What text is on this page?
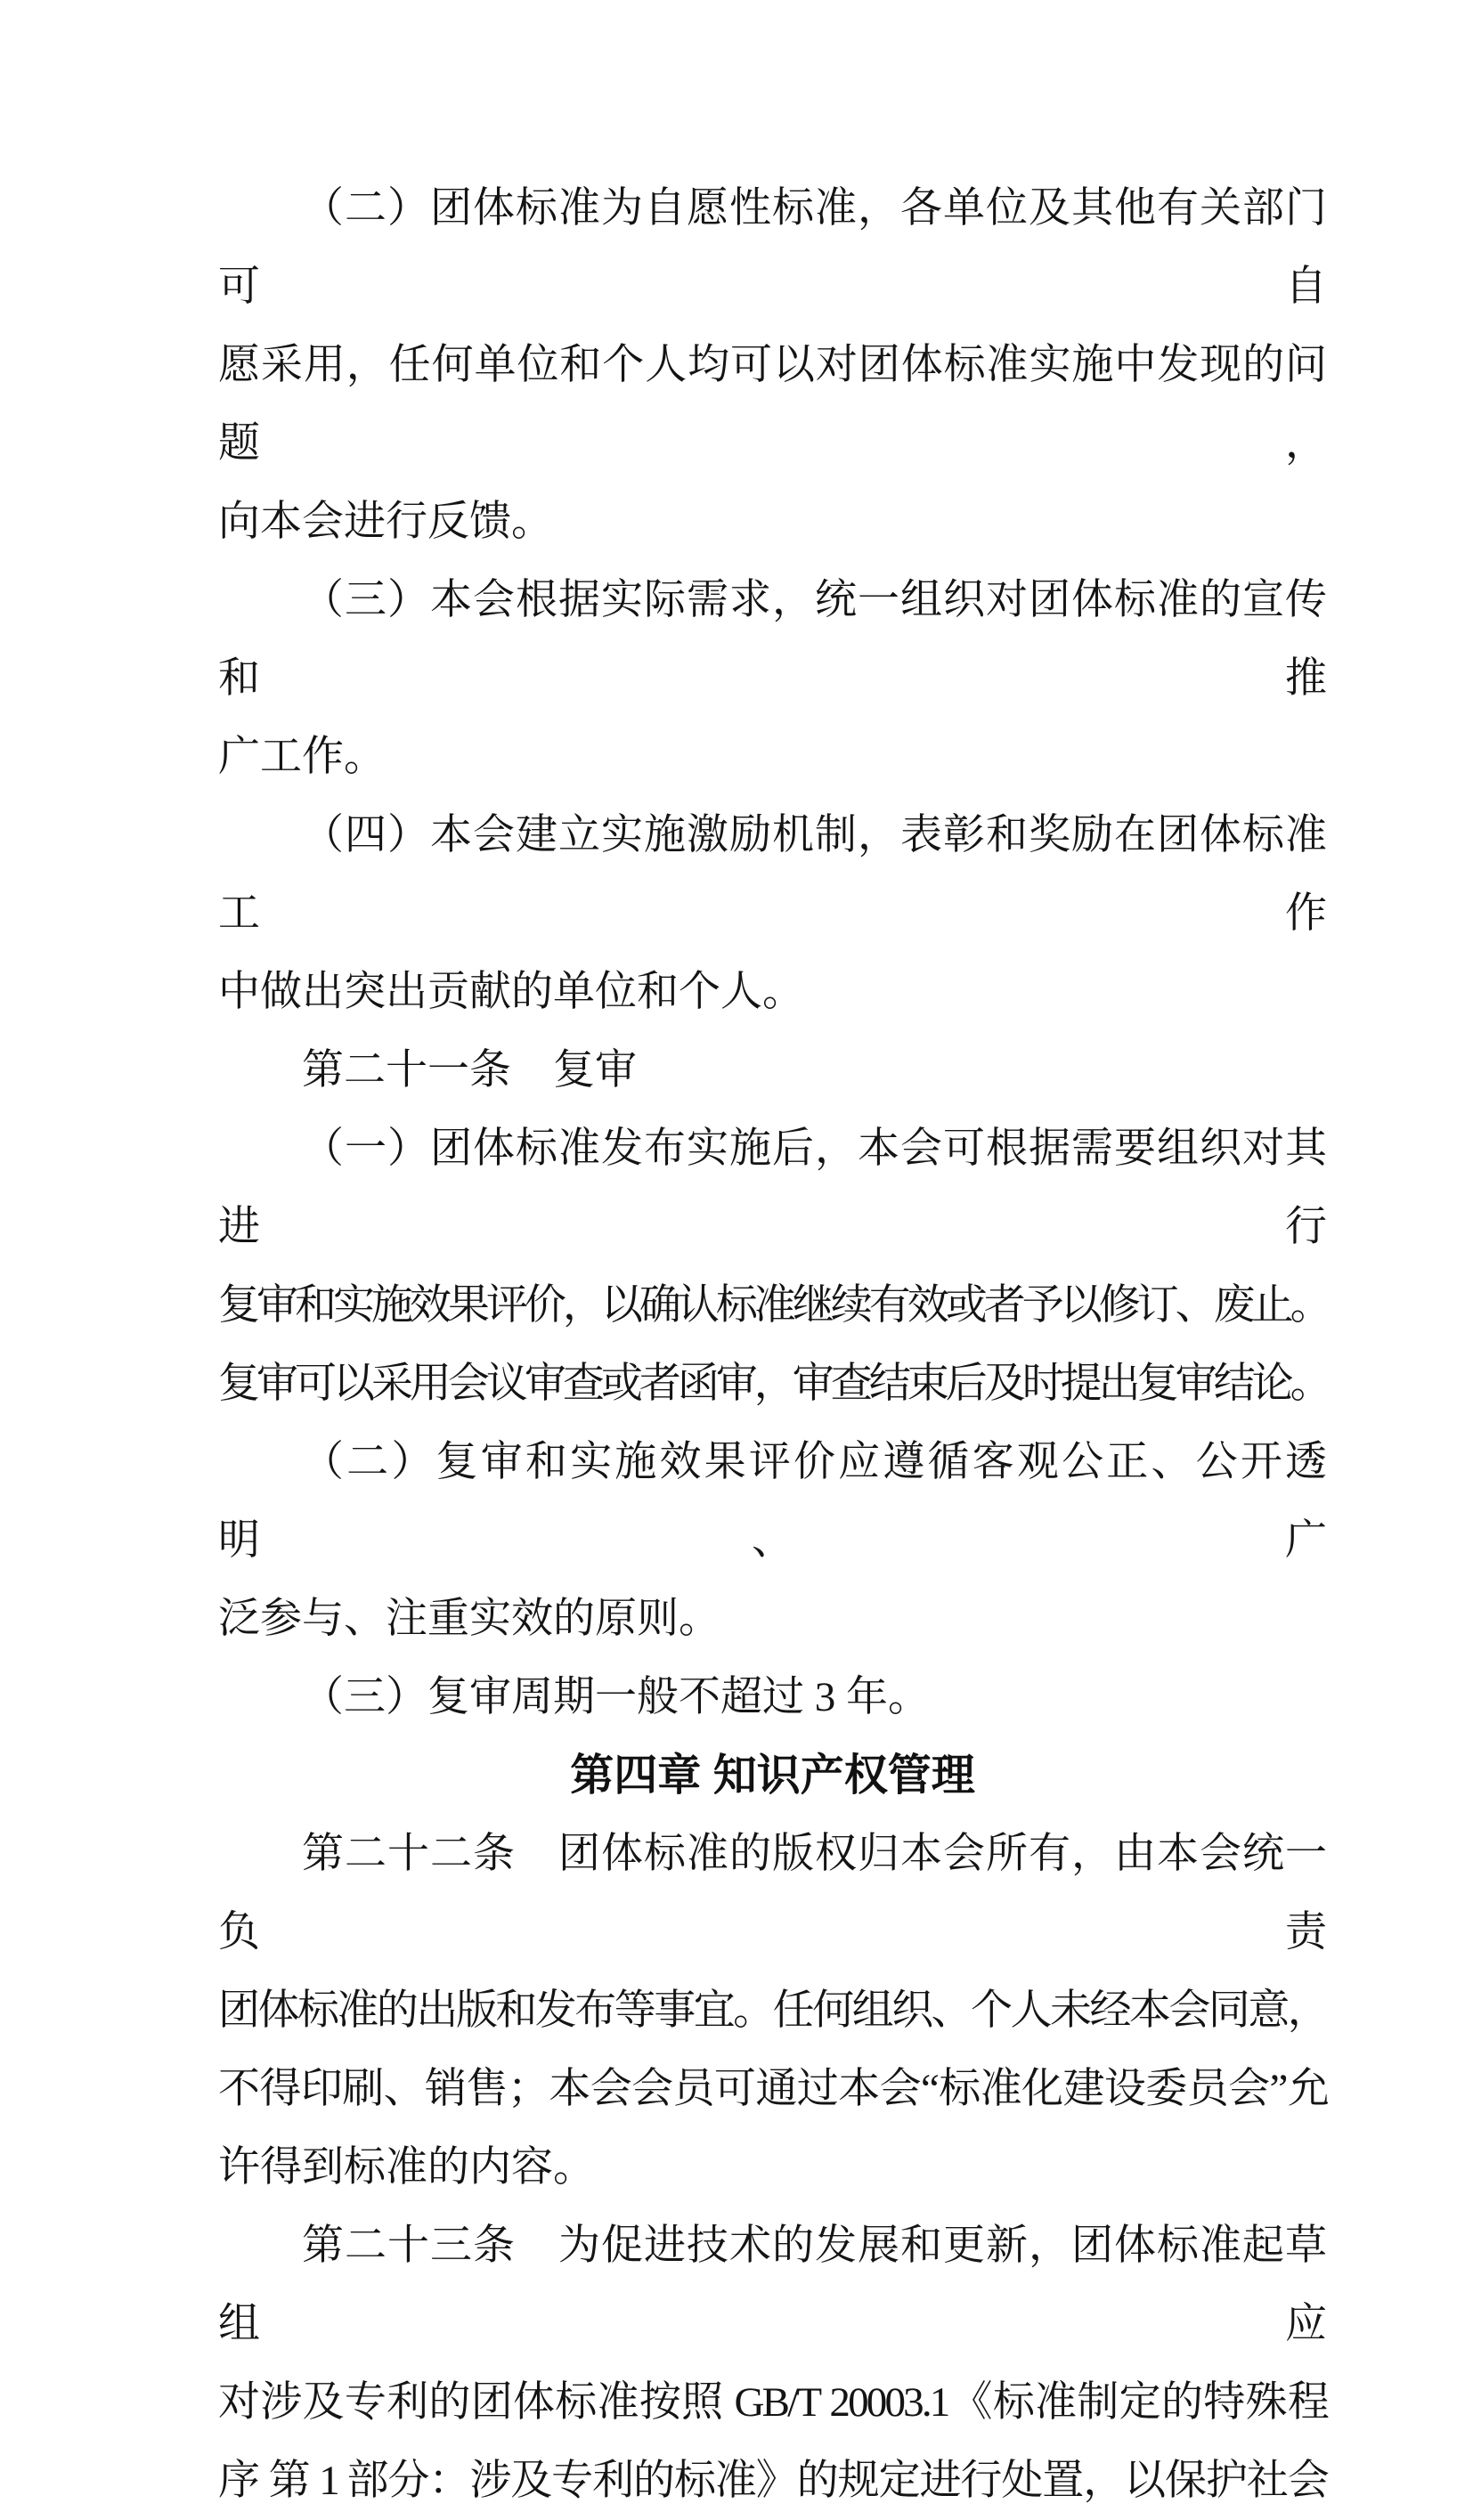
（二）团体标准为自愿性标准，各单位及其他有关部门可自

愿采用，任何单位和个人均可以对团体标准实施中发现的问题，

向本会进行反馈。

（三）本会根据实际需求，统一组织对团体标准的宣传和推

广工作。

（四）本会建立实施激励机制，表彰和奖励在团体标准工作

中做出突出贡献的单位和个人。

第二十一条　复审

（一）团体标准发布实施后，本会可根据需要组织对其进行

复审和实施效果评价，以确认标准继续有效或者予以修订、废止。

复审可以采用会议审查或者函审，审查结束后及时提出复审结论。

（二）复审和实施效果评价应遵循客观公正、公开透明、广

泛参与、注重实效的原则。

（三）复审周期一般不超过 3 年。

第四章 知识产权管理

第二十二条　团体标准的版权归本会所有，由本会统一负责

团体标准的出版和发布等事宜。任何组织、个人未经本会同意，

不得印刷、销售；本会会员可通过本会“标准化建设委员会”允

许得到标准的内容。

第二十三条　为促进技术的发展和更新，团体标准起草组应

对涉及专利的团体标准按照 GB/T 20003.1《标准制定的特殊程

序 第 1 部分：涉及专利的标准》的规定进行处置，以保护社会
